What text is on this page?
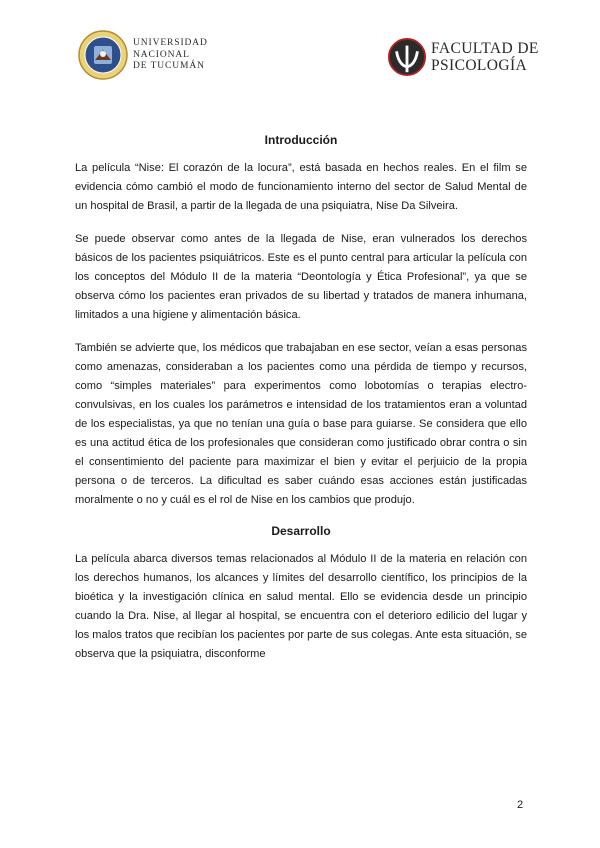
UNIVERSIDAD
NACIONAL
DE TUCUMÁN
FACULTAD DE
PSICOLOGÍA
Introducción

La película “Nise: El corazón de la locura”, está basada en hechos reales. En el film se evidencia cómo cambió el modo de funcionamiento interno del sector de Salud Mental de un hospital de Brasil, a partir de la llegada de una psiquiatra, Nise Da Silveira.

Se puede observar como antes de la llegada de Nise, eran vulnerados los derechos básicos de los pacientes psiquiátricos. Este es el punto central para articular la película con los conceptos del Módulo II de la materia “Deontología y Ética Profesional”, ya que se observa cómo los pacientes eran privados de su libertad y tratados de manera inhumana, limitados a una higiene y alimentación básica.

También se advierte que, los médicos que trabajaban en ese sector, veían a esas personas como amenazas, consideraban a los pacientes como una pérdida de tiempo y recursos, como “simples materiales” para experimentos como lobotomías o terapias electro-convulsivas, en los cuales los parámetros e intensidad de los tratamientos eran a voluntad de los especialistas, ya que no tenían una guía o base para guiarse. Se considera que ello es una actitud ética de los profesionales que consideran como justificado obrar contra o sin el consentimiento del paciente para maximizar el bien y evitar el perjuicio de la propia persona o de terceros. La dificultad es saber cuándo esas acciones están justificadas moralmente o no y cuál es el rol de Nise en los cambios que produjo.

Desarrollo

La película abarca diversos temas relacionados al Módulo II de la materia en relación con los derechos humanos, los alcances y límites del desarrollo científico, los principios de la bioética y la investigación clínica en salud mental. Ello se evidencia desde un principio cuando la Dra. Nise, al llegar al hospital, se encuentra con el deterioro edilicio del lugar y los malos tratos que recibían los pacientes por parte de sus colegas. Ante esta situación, se observa que la psiquiatra, disconforme

2
